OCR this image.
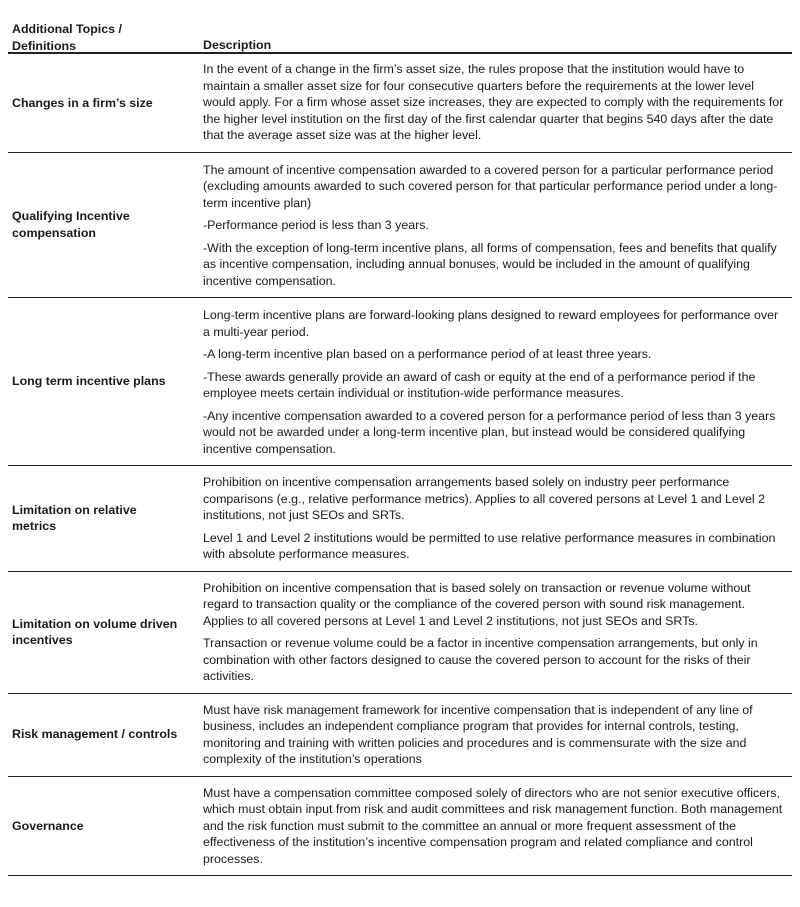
Additional Topics / Definitions	Description
Changes in a firm’s size

In the event of a change in the firm’s asset size, the rules propose that the institution would have to maintain a smaller asset size for four consecutive quarters before the requirements at the lower level would apply. For a firm whose asset size increases, they are expected to comply with the requirements for the higher level institution on the first day of the first calendar quarter that begins 540 days after the date that the average asset size was at the higher level.

Qualifying Incentive compensation

The amount of incentive compensation awarded to a covered person for a particular performance period (excluding amounts awarded to such covered person for that particular performance period under a long-term incentive plan)

-Performance period is less than 3 years.

-With the exception of long-term incentive plans, all forms of compensation, fees and benefits that qualify as incentive compensation, including annual bonuses, would be included in the amount of qualifying incentive compensation.

Long term incentive plans

Long-term incentive plans are forward-looking plans designed to reward employees for performance over a multi-year period.

-A long-term incentive plan based on a performance period of at least three years.

-These awards generally provide an award of cash or equity at the end of a performance period if the employee meets certain individual or institution-wide performance measures.

-Any incentive compensation awarded to a covered person for a performance period of less than 3 years would not be awarded under a long-term incentive plan, but instead would be considered qualifying incentive compensation.

Limitation on relative metrics

Prohibition on incentive compensation arrangements based solely on industry peer performance comparisons (e.g., relative performance metrics). Applies to all covered persons at Level 1 and Level 2 institutions, not just SEOs and SRTs.

Level 1 and Level 2 institutions would be permitted to use relative performance measures in combination with absolute performance measures.

Limitation on volume driven incentives

Prohibition on incentive compensation that is based solely on transaction or revenue volume without regard to transaction quality or the compliance of the covered person with sound risk management. Applies to all covered persons at Level 1 and Level 2 institutions, not just SEOs and SRTs.

Transaction or revenue volume could be a factor in incentive compensation arrangements, but only in combination with other factors designed to cause the covered person to account for the risks of their activities.

Risk management / controls

Must have risk management framework for incentive compensation that is independent of any line of business, includes an independent compliance program that provides for internal controls, testing, monitoring and training with written policies and procedures and is commensurate with the size and complexity of the institution’s operations

Governance

Must have a compensation committee composed solely of directors who are not senior executive officers, which must obtain input from risk and audit committees and risk management function. Both management and the risk function must submit to the committee an annual or more frequent assessment of the effectiveness of the institution’s incentive compensation program and related compliance and control processes.
